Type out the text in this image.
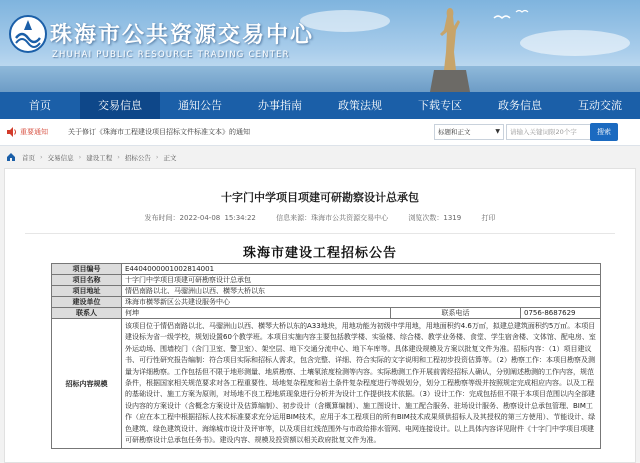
珠海市公共资源交易中心
ZHUHAI PUBLIC RESOURCE TRADING CENTER
首页	交易信息	通知公告	办事指南	政策法规	下载专区	政务信息	互动交流
重要通知	关于修订《珠海市工程建设项目招标文件标准文本》的通知	标题和正文	▼	请输入关键词限20个字	搜索
首页 › 交易信息 › 建设工程 › 招标公告 › 正文
十字门中学项目项建可研勘察设计总承包
发布时间：2022-04-08 15:34:22	信息来源：珠海市公共资源交易中心	浏览次数：1319	打印
珠海市建设工程招标公告
项目编号	E4404000001002814001		
项目名称	十字门中学项目项建可研勘察设计总承包		
项目地址	情侣南路以北、马骝洲山以西、横琴大桥以东		
建设单位	珠海市横琴新区公共建设服务中心		
联系人	何坤	联系电话	0756-8687629
招标内容规模	该项目位于情侣南路以北、马骝洲山以西、横琴大桥以东的A33地块，用地功能为初级中学用地，用地面积约4.6万㎡，拟建总建筑面积约5万㎡。本项目建设标为省一级学校，规划设置60个教学班。本项目实施内容主要包括教学楼、实验楼、综合楼、教学业务楼、食堂、学生宿舍楼、文体馆、配电房、室外运动场、围墙校门（含门卫室、警卫室）、架空层、地下交通分流中心、地下车库等。具体建设规模及方案以批复文件为准。招标内容：（1）项目建议书、可行性研究报告编制：符合项目实际和招标人需求，包含完整、详细、符合实际的文字说明和工程初步投资估算等。（2）勘察工作：本项目勘察及测量为详细勘察。工作包括但不限于地形测量、地质勘察、土壤氡浓度检测等内容。实际勘测工作开展前需经招标人确认，分别阐述勘测的工作内容，规范条件，根据国家相关规范要求对各工程重要性、场地复杂程度和岩土条件复杂程度进行等级划分，划分工程勘察等级并按照规定完成相应内容。以及工程的基础设计、施工方案为原则，对场地不良工程地质现象进行分析并为设计工作提供技术依据。（3）设计工作：完成包括但不限于本项目范围以内全部建设内容的方案设计（含概念方案设计及估算编制）、初步设计（含概算编制）、施工图设计、施工配合服务、驻场设计服务、勘察设计总承包管理、BIM工作（应在本工程中根据招标人技术标准要求充分运用BIM技术，应用于本工程项目的所有BIM技术成果须供招标人及其授权的第三方使用）、节能设计、绿色建筑、绿色建筑设计、海绵城市设计及评审等，以及项目红线范围外与市政给排水管网、电网连接设计。以上具体内容详见附件《十字门中学项目项建可研勘察设计总承包任务书》。建设内容、规模及投资额以相关政府批复文件为准。		
